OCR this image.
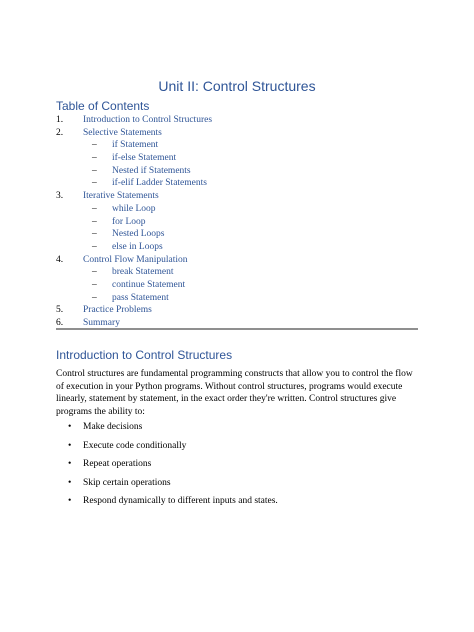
Unit II: Control Structures
Table of Contents
1. Introduction to Control Structures
2. Selective Statements
– if Statement
– if-else Statement
– Nested if Statements
– if-elif Ladder Statements
3. Iterative Statements
– while Loop
– for Loop
– Nested Loops
– else in Loops
4. Control Flow Manipulation
– break Statement
– continue Statement
– pass Statement
5. Practice Problems
6. Summary
Introduction to Control Structures
Control structures are fundamental programming constructs that allow you to control the flow of execution in your Python programs. Without control structures, programs would execute linearly, statement by statement, in the exact order they're written. Control structures give programs the ability to:
• Make decisions
• Execute code conditionally
• Repeat operations
• Skip certain operations
• Respond dynamically to different inputs and states.
